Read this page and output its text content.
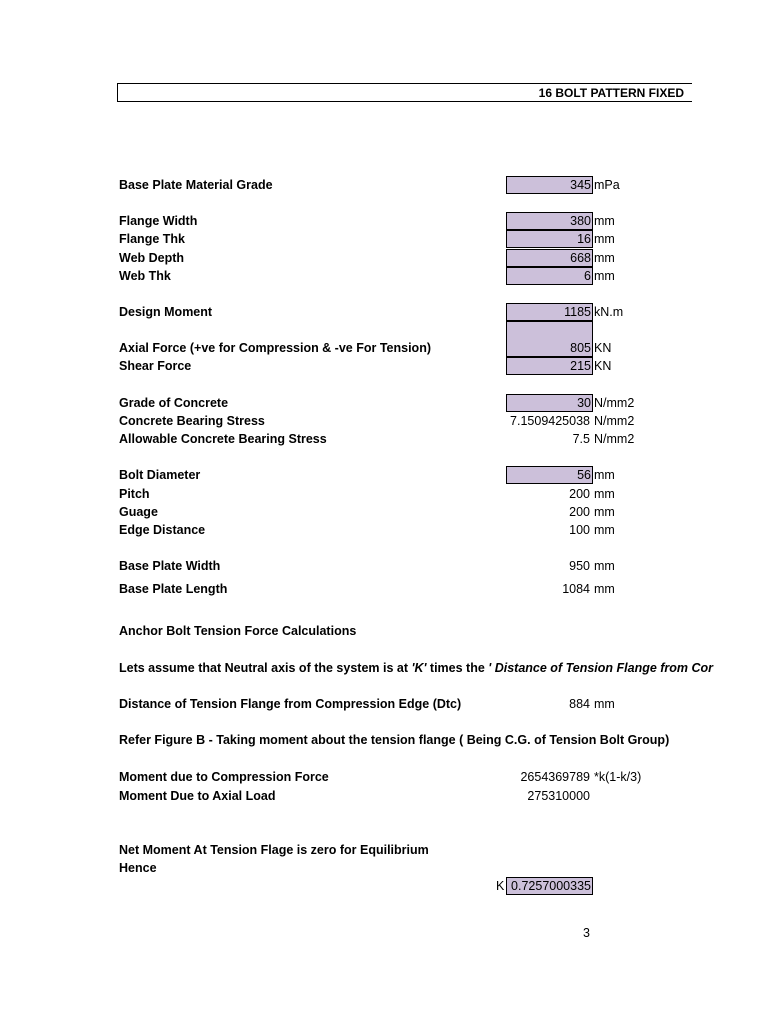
16 BOLT PATTERN FIXED
Base Plate Material Grade	345 mPa
Flange Width	380 mm
Flange Thk	16 mm
Web Depth	668 mm
Web Thk	6 mm
Design Moment	1185 kN.m
Axial Force (+ve for Compression & -ve For Tension)	805 KN
Shear Force	215 KN
Grade of Concrete	30 N/mm2
Concrete Bearing Stress	7.1509425038 N/mm2
Allowable Concrete Bearing Stress	7.5 N/mm2
Bolt Diameter	56 mm
Pitch	200 mm
Guage	200 mm
Edge Distance	100 mm
Base Plate Width	950 mm
Base Plate Length	1084 mm
Anchor Bolt Tension Force Calculations
Lets assume that Neutral axis of the system is at 'K' times the ' Distance of Tension Flange from Cor
Distance of Tension Flange from Compression Edge (Dtc)	884 mm
Refer Figure B - Taking moment about the tension flange ( Being C.G. of Tension Bolt Group)
Moment due to Compression Force	2654369789 *k(1-k/3)
Moment Due to Axial Load	275310000
Net Moment At Tension Flage is zero for Equilibrium
Hence
K 0.7257000335
3
